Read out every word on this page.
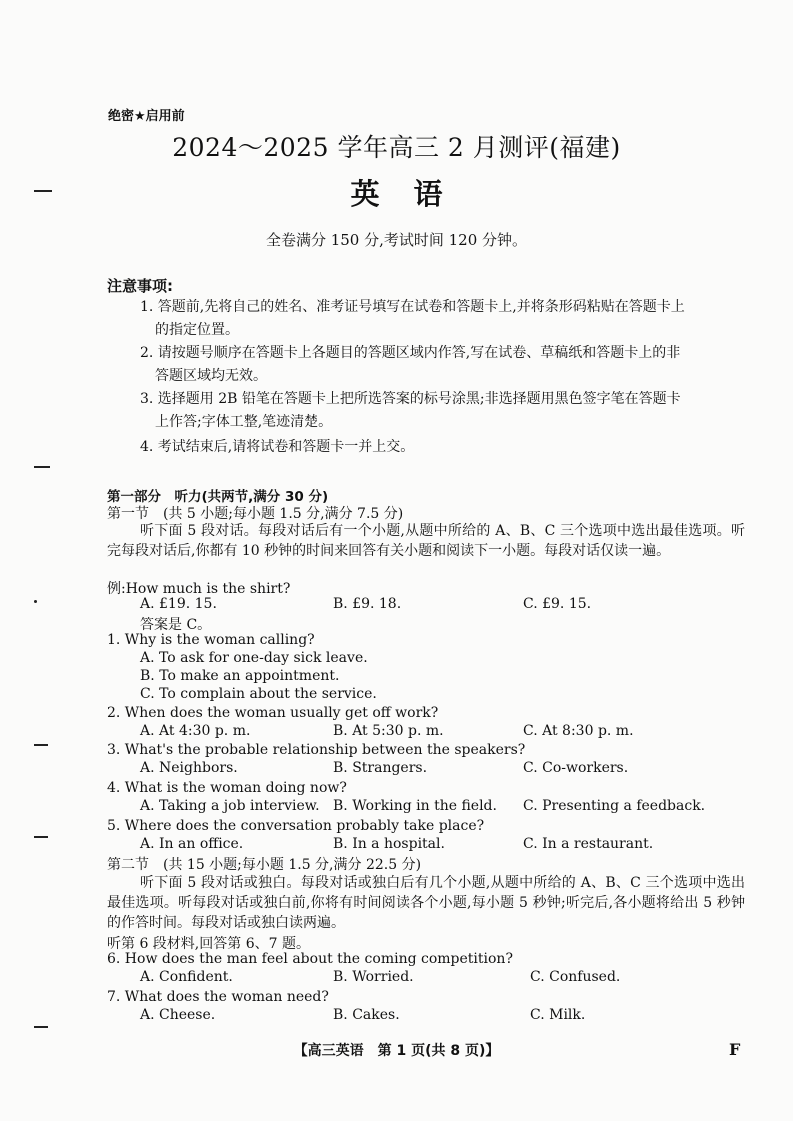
绝密★启用前
2024～2025 学年高三 2 月测评(福建)
英语
全卷满分 150 分,考试时间 120 分钟。
注意事项:
1. 答题前,先将自己的姓名、准考证号填写在试卷和答题卡上,并将条形码粘贴在答题卡上
的指定位置。
2. 请按题号顺序在答题卡上各题目的答题区域内作答,写在试卷、草稿纸和答题卡上的非
答题区域均无效。
3. 选择题用 2B 铅笔在答题卡上把所选答案的标号涂黑;非选择题用黑色签字笔在答题卡
上作答;字体工整,笔迹清楚。
4. 考试结束后,请将试卷和答题卡一并上交。
第一部分　听力(共两节,满分 30 分)
第一节　(共 5 小题;每小题 1.5 分,满分 7.5 分)
听下面 5 段对话。每段对话后有一个小题,从题中所给的 A、B、C 三个选项中选出最佳选项。听完每段对话后,你都有 10 秒钟的时间来回答有关小题和阅读下一小题。每段对话仅读一遍。
例:How much is the shirt?
A. £19. 15.	B. £9. 18.	C. £9. 15.
答案是 C。
1. Why is the woman calling?
A. To ask for one-day sick leave.
B. To make an appointment.
C. To complain about the service.
2. When does the woman usually get off work?
A. At 4:30 p. m.	B. At 5:30 p. m.	C. At 8:30 p. m.
3. What's the probable relationship between the speakers?
A. Neighbors.	B. Strangers.	C. Co-workers.
4. What is the woman doing now?
A. Taking a job interview. B. Working in the field. C. Presenting a feedback.
5. Where does the conversation probably take place?
A. In an office.	B. In a hospital.	C. In a restaurant.
第二节　(共 15 小题;每小题 1.5 分,满分 22.5 分)
听下面 5 段对话或独白。每段对话或独白后有几个小题,从题中所给的 A、B、C 三个选项中选出最佳选项。听每段对话或独白前,你将有时间阅读各个小题,每小题 5 秒钟;听完后,各小题将给出 5 秒钟的作答时间。每段对话或独白读两遍。
听第 6 段材料,回答第 6、7 题。
6. How does the man feel about the coming competition?
A. Confident.	B. Worried.	C. Confused.
7. What does the woman need?
A. Cheese.	B. Cakes.	C. Milk.
【高三英语　第 1 页(共 8 页)】	F
